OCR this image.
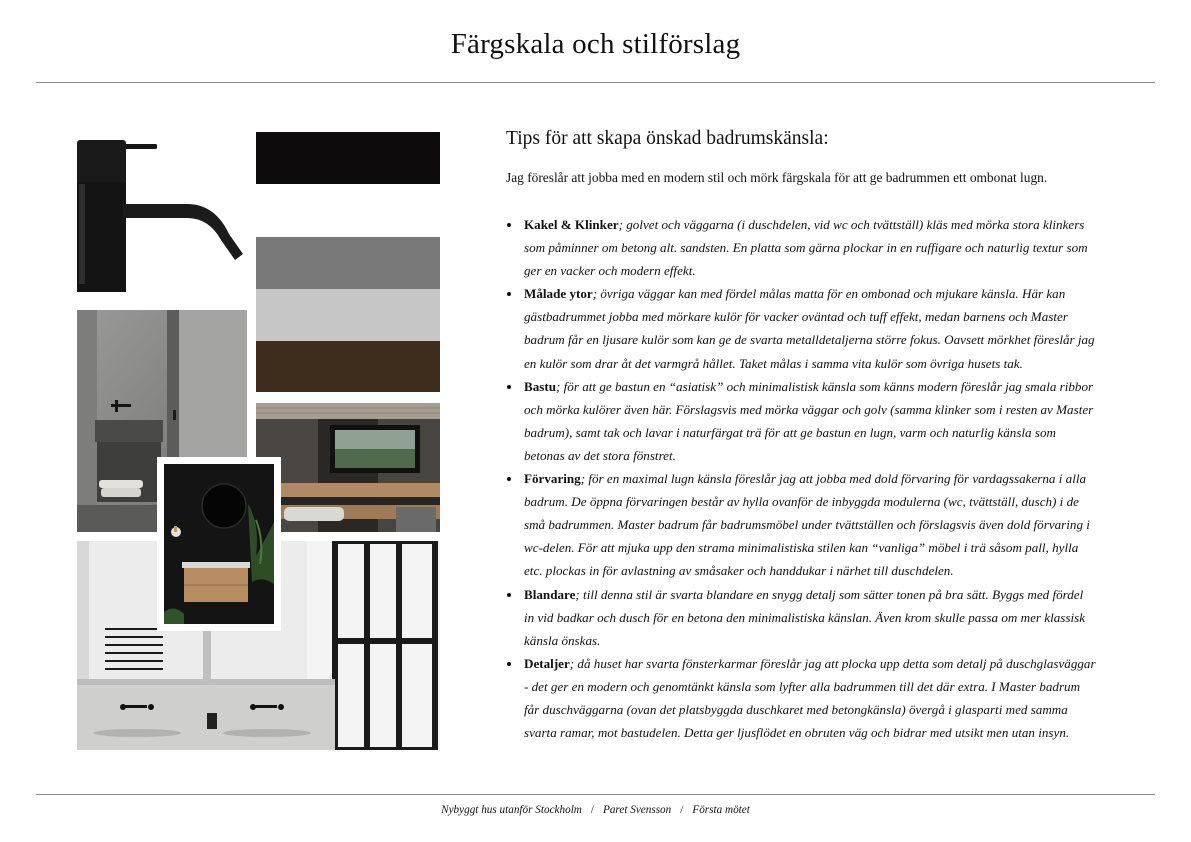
Färgskala och stilförslag
Tips för att skapa önskad badrumskänsla:
Jag föreslår att jobba med en modern stil och mörk färgskala för att ge badrummen ett ombonat lugn.
Kakel & Klinker; golvet och väggarna (i duschdelen, vid wc och tvättställ) kläs med mörka stora klinkers som påminner om betong alt. sandsten. En platta som gärna plockar in en ruffigare och naturlig textur som ger en vacker och modern effekt.
Målade ytor; övriga väggar kan med fördel målas matta för en ombonad och mjukare känsla. Här kan gästbadrummet jobba med mörkare kulör för vacker oväntad och tuff effekt, medan barnens och Master badrum får en ljusare kulör som kan ge de svarta metalldetaljerna större fokus. Oavsett mörkhet föreslår jag en kulör som drar åt det varmgrå hållet. Taket målas i samma vita kulör som övriga husets tak.
Bastu; för att ge bastun en “asiatisk” och minimalistisk känsla som känns modern föreslår jag smala ribbor och mörka kulörer även här. Förslagsvis med mörka väggar och golv (samma klinker som i resten av Master badrum), samt tak och lavar i naturfärgat trä för att ge bastun en lugn, varm och naturlig känsla som betonas av det stora fönstret.
Förvaring; för en maximal lugn känsla föreslår jag att jobba med dold förvaring för vardagssakerna i alla badrum. De öppna förvaringen består av hylla ovanför de inbyggda modulerna (wc, tvättställ, dusch) i de små badrummen. Master badrum får badrumsmöbel under tvättställen och förslagsvis även dold förvaring i wc-delen. För att mjuka upp den strama minimalistiska stilen kan “vanliga” möbel i trä såsom pall, hylla etc. plockas in för avlastning av småsaker och handdukar i närhet till duschdelen.
Blandare; till denna stil är svarta blandare en snygg detalj som sätter tonen på bra sätt. Byggs med fördel in vid badkar och dusch för en betona den minimalistiska känslan. Även krom skulle passa om mer klassisk känsla önskas.
Detaljer; då huset har svarta fönsterkarmar föreslår jag att plocka upp detta som detalj på duschglasväggar - det ger en modern och genomtänkt känsla som lyfter alla badrummen till det där extra. I Master badrum får duschväggarna (ovan det platsbyggda duschkaret med betongkänsla) övergå i glasparti med samma svarta ramar, mot bastudelen. Detta ger ljusflödet en obruten väg och bidrar med utsikt men utan insyn.
Nybyggt hus utanför Stockholm / Paret Svensson / Första mötet
